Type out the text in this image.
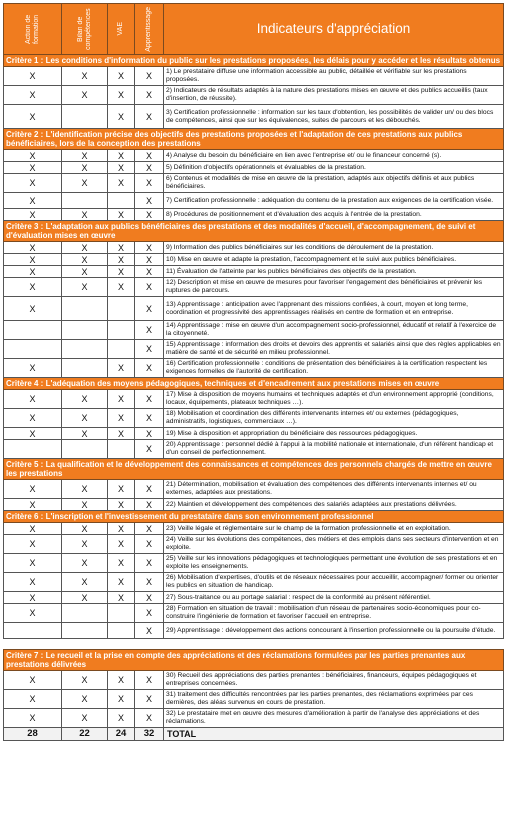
Action de formation	Bilan de compétences	VAE	Apprentissage	Indicateurs d'appréciation
Critère 1 : Les conditions d'information du public sur les prestations proposées, les délais pour y accéder et les résultats obtenus				
X	X	X	X	1) Le prestataire diffuse une information accessible au public, détaillée et vérifiable sur les prestations proposées.
X	X	X	X	2) Indicateurs de résultats adaptés à la nature des prestations mises en œuvre et des publics accueillis (taux d'insertion, de réussite).
X		X	X	3) Certification professionnelle : information sur les taux d'obtention, les possibilités de valider un/ ou des blocs de compétences, ainsi que sur les équivalences, suites de parcours et les débouchés.
Critère 2 : L'identification précise des objectifs des prestations proposées et l'adaptation de ces prestations aux publics bénéficiaires, lors de la conception des prestations				
X	X	X	X	4) Analyse du besoin du bénéficiaire en lien avec l'entreprise et/ ou le financeur concerné (s).
X	X	X	X	5) Définition d'objectifs opérationnels et évaluables de la prestation.
X	X	X	X	6) Contenus et modalités de mise en œuvre de la prestation, adaptés aux objectifs définis et aux publics bénéficiaires.
X			X	7) Certification professionnelle : adéquation du contenu de la prestation aux exigences de la certification visée.
X	X	X	X	8) Procédures de positionnement et d'évaluation des acquis à l'entrée de la prestation.
Critère 3 : L'adaptation aux publics bénéficiaires des prestations et des modalités d'accueil, d'accompagnement, de suivi et d'évaluation mises en œuvre				
X	X	X	X	9) Information des publics bénéficiaires sur les conditions de déroulement de la prestation.
X	X	X	X	10) Mise en œuvre et adapte la prestation, l'accompagnement et le suivi aux publics bénéficiaires.
X	X	X	X	11) Évaluation de l'atteinte par les publics bénéficiaires des objectifs de la prestation.
X	X	X	X	12) Description et mise en œuvre de mesures pour favoriser l'engagement des bénéficiaires et prévenir les ruptures de parcours.
X			X	13) Apprentissage : anticipation avec l'apprenant des missions confiées, à court, moyen et long terme, coordination et progressivité des apprentissages réalisés en centre de formation et en entreprise.
			X	14) Apprentissage : mise en œuvre d'un accompagnement socio-professionnel, éducatif et relatif à l'exercice de la citoyenneté.
			X	15) Apprentissage : information des droits et devoirs des apprentis et salariés ainsi que des règles applicables en matière de santé et de sécurité en milieu professionnel.
X		X	X	16) Certification professionnelle : conditions de présentation des bénéficiaires à la certification respectent les exigences formelles de l'autorité de certification.
Critère 4 : L'adéquation des moyens pédagogiques, techniques et d'encadrement aux prestations mises en œuvre				
X	X	X	X	17) Mise à disposition de moyens humains et techniques adaptés et d'un environnement approprié (conditions, locaux, équipements, plateaux techniques …).
X	X	X	X	18) Mobilisation et coordination des différents intervenants internes et/ ou externes (pédagogiques, administratifs, logistiques, commerciaux …).
X	X	X	X	19) Mise à disposition et appropriation du bénéficiaire des ressources pédagogiques.
			X	20) Apprentissage : personnel dédié à l'appui à la mobilité nationale et internationale, d'un référent handicap et d'un conseil de perfectionnement.
Critère 5 : La qualification et le développement des connaissances et compétences des personnels chargés de mettre en œuvre les prestations				
X	X	X	X	21) Détermination, mobilisation et évaluation des compétences des différents intervenants internes et/ ou externes, adaptées aux prestations.
X	X	X	X	22) Maintien et développement des compétences des salariés adaptées aux prestations délivrées.
Critère 6 : L'inscription et l'investissement du prestataire dans son environnement professionnel				
X	X	X	X	23) Veille légale et réglementaire sur le champ de la formation professionnelle et en exploitation.
X	X	X	X	24) Veille sur les évolutions des compétences, des métiers et des emplois dans ses secteurs d'intervention et en exploite.
X	X	X	X	25) Veille sur les innovations pédagogiques et technologiques permettant une évolution de ses prestations et en exploite les enseignements.
X	X	X	X	26) Mobilisation d'expertises, d'outils et de réseaux nécessaires pour accueillir, accompagner/ former ou orienter les publics en situation de handicap.
X	X	X	X	27) Sous-traitance ou au portage salarial : respect de la conformité au présent référentiel.
X			X	28) Formation en situation de travail : mobilisation d'un réseau de partenaires socio-économiques pour co-construire l'ingénierie de formation et favoriser l'accueil en entreprise.
			X	29) Apprentissage : développement des actions concourant à l'insertion professionnelle ou la poursuite d'étude.

Critère 7 : Le recueil et la prise en compte des appréciations et des réclamations formulées par les parties prenantes aux prestations délivrées				
X	X	X	X	30) Recueil des appréciations des parties prenantes : bénéficiaires, financeurs, équipes pédagogiques et entreprises concernées.
X	X	X	X	31) traitement des difficultés rencontrées par les parties prenantes, des réclamations exprimées par ces dernières, des aléas survenus en cours de prestation.
X	X	X	X	32) Le prestataire met en œuvre des mesures d'amélioration à partir de l'analyse des appréciations et des réclamations.
28	22	24	32	TOTAL
